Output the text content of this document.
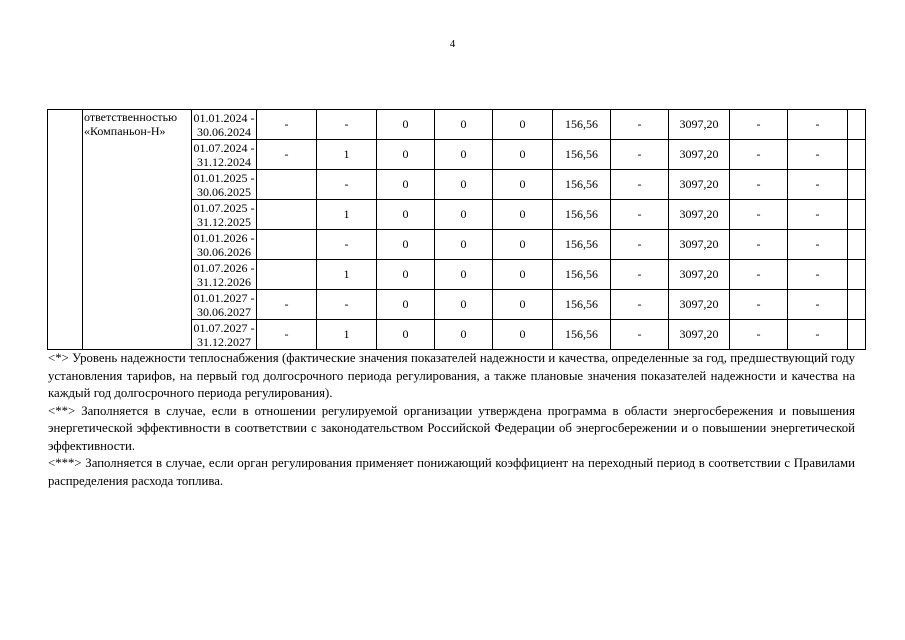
4
	ответственностью «Компаньон-Н»	01.01.2024 -
30.06.2024	-	-	0	0	0	156,56	-	3097,20	-	-	
		01.07.2024 -
31.12.2024	-	1	0	0	0	156,56	-	3097,20	-	-	
		01.01.2025 -
30.06.2025		-	0	0	0	156,56	-	3097,20	-	-	
		01.07.2025 -
31.12.2025		1	0	0	0	156,56	-	3097,20	-	-	
		01.01.2026 -
30.06.2026		-	0	0	0	156,56	-	3097,20	-	-	
		01.07.2026 -
31.12.2026		1	0	0	0	156,56	-	3097,20	-	-	
		01.01.2027 -
30.06.2027	-	-	0	0	0	156,56	-	3097,20	-	-	
		01.07.2027 -
31.12.2027	-	1	0	0	0	156,56	-	3097,20	-	-	

<*> Уровень надежности теплоснабжения (фактические значения показателей надежности и качества, определенные за год, предшествующий году установления тарифов, на первый год долгосрочного периода регулирования, а также плановые значения показателей надежности и качества на каждый год долгосрочного периода регулирования).

<**> Заполняется в случае, если в отношении регулируемой организации утверждена программа в области энергосбережения и повышения энергетической эффективности в соответствии с законодательством Российской Федерации об энергосбережении и о повышении энергетической эффективности.

<***> Заполняется в случае, если орган регулирования применяет понижающий коэффициент на переходный период в соответствии с Правилами распределения расхода топлива.
